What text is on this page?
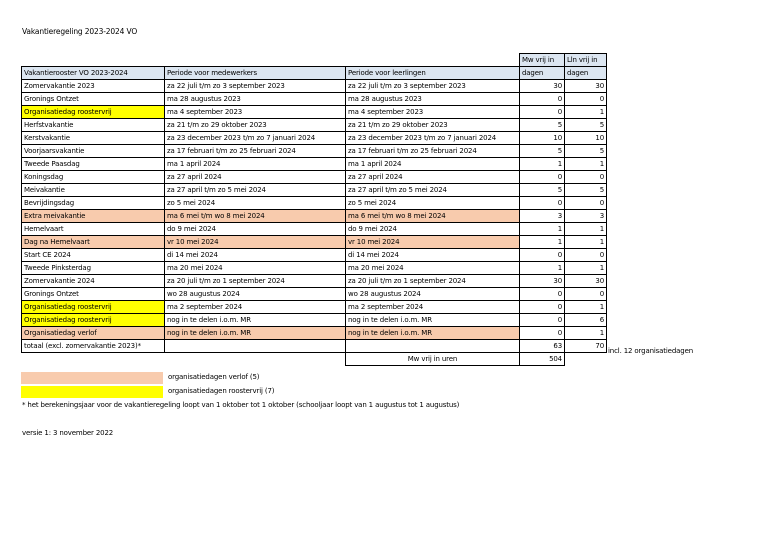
Vakantieregeling 2023-2024 VO
			Mw vrij in	Lln vrij in
Vakantierooster VO 2023-2024	Periode voor medewerkers	Periode voor leerlingen	dagen	dagen
Zomervakantie 2023	za 22 juli t/m zo 3 september 2023	za 22 juli t/m zo 3 september 2023	30	30
Gronings Ontzet	ma 28 augustus 2023	ma 28 augustus 2023	0	0
Organisatiedag roostervrij	ma 4 september 2023	ma 4 september 2023	0	1
Herfstvakantie	za 21 t/m zo 29 oktober 2023	za 21 t/m zo 29 oktober 2023	5	5
Kerstvakantie	za 23 december 2023 t/m zo 7 januari 2024	za 23 december 2023 t/m zo 7 januari 2024	10	10
Voorjaarsvakantie	za 17 februari t/m zo 25 februari 2024	za 17 februari t/m zo 25 februari 2024	5	5
Tweede Paasdag	ma 1 april 2024	ma 1 april 2024	1	1
Koningsdag	za 27 april 2024	za 27 april 2024	0	0
Meivakantie	za 27 april t/m zo 5 mei 2024	za 27 april t/m zo 5 mei 2024	5	5
Bevrijdingsdag	zo 5 mei 2024	zo 5 mei 2024	0	0
Extra meivakantie	ma 6 mei t/m wo 8 mei 2024	ma 6 mei t/m wo 8 mei 2024	3	3
Hemelvaart	do 9 mei 2024	do 9 mei 2024	1	1
Dag na Hemelvaart	vr 10 mei 2024	vr 10 mei 2024	1	1
Start CE 2024	di 14 mei 2024	di 14 mei 2024	0	0
Tweede Pinksterdag	ma 20 mei 2024	ma 20 mei 2024	1	1
Zomervakantie 2024	za 20 juli t/m zo 1 september 2024	za 20 juli t/m zo 1 september 2024	30	30
Gronings Ontzet	wo 28 augustus 2024	wo 28 augustus 2024	0	0
Organisatiedag roostervrij	ma 2 september 2024	ma 2 september 2024	0	1
Organisatiedag roostervrij	nog in te delen i.o.m. MR	nog in te delen i.o.m. MR	0	6
Organisatiedag verlof	nog in te delen i.o.m. MR	nog in te delen i.o.m. MR	0	1
totaal (excl. zomervakantie 2023)*			63	70
		Mw vrij in uren	504	
incl. 12 organisatiedagen
organisatiedagen verlof (5)
organisatiedagen roostervrij (7)
* het berekeningsjaar voor de vakantieregeling loopt van 1 oktober tot 1 oktober (schooljaar loopt van 1 augustus tot 1 augustus)
versie 1: 3 november 2022
